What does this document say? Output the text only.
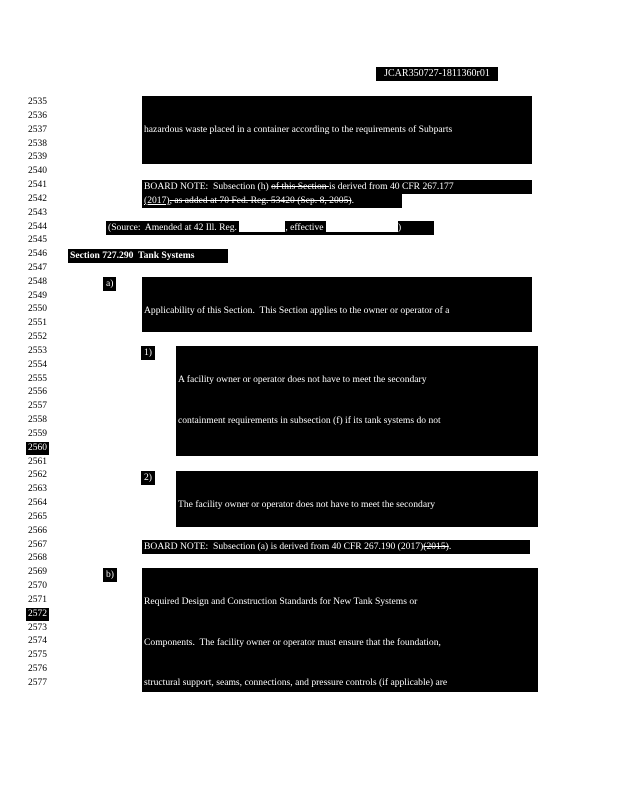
JCAR350727-1811360r01
2535
2536
2537
2538
2539
2540
2541
2542
2543
2544
2545
2546
2547
2548
2549
2550
2551
2552
2553
2554
2555
2556
2557
2558
2559
2560
2561
2562
2563
2564
2565
2566
2567
2568
2569
2570
2571
2572
2573
2574
2575
2576
2577

hazardous waste placed in a container according to the requirements of Subparts

BOARD NOTE:  Subsection (h) of this Section is derived from 40 CFR 267.177
(2017), as added at 70 Fed. Reg. 53420 (Sep. 8, 2005).
(Source:  Amended at 42 Ill. Reg.	, effective	)
Section 727.290  Tank Systems
a)

Applicability of this Section.  This Section applies to the owner or operator of a

1)

A facility owner or operator does not have to meet the secondary

containment requirements in subsection (f) if its tank systems do not

2)

The facility owner or operator does not have to meet the secondary

BOARD NOTE:  Subsection (a) is derived from 40 CFR 267.190 (2017)(2015).
b)

Required Design and Construction Standards for New Tank Systems or

Components.  The facility owner or operator must ensure that the foundation,

structural support, seams, connections, and pressure controls (if applicable) are
